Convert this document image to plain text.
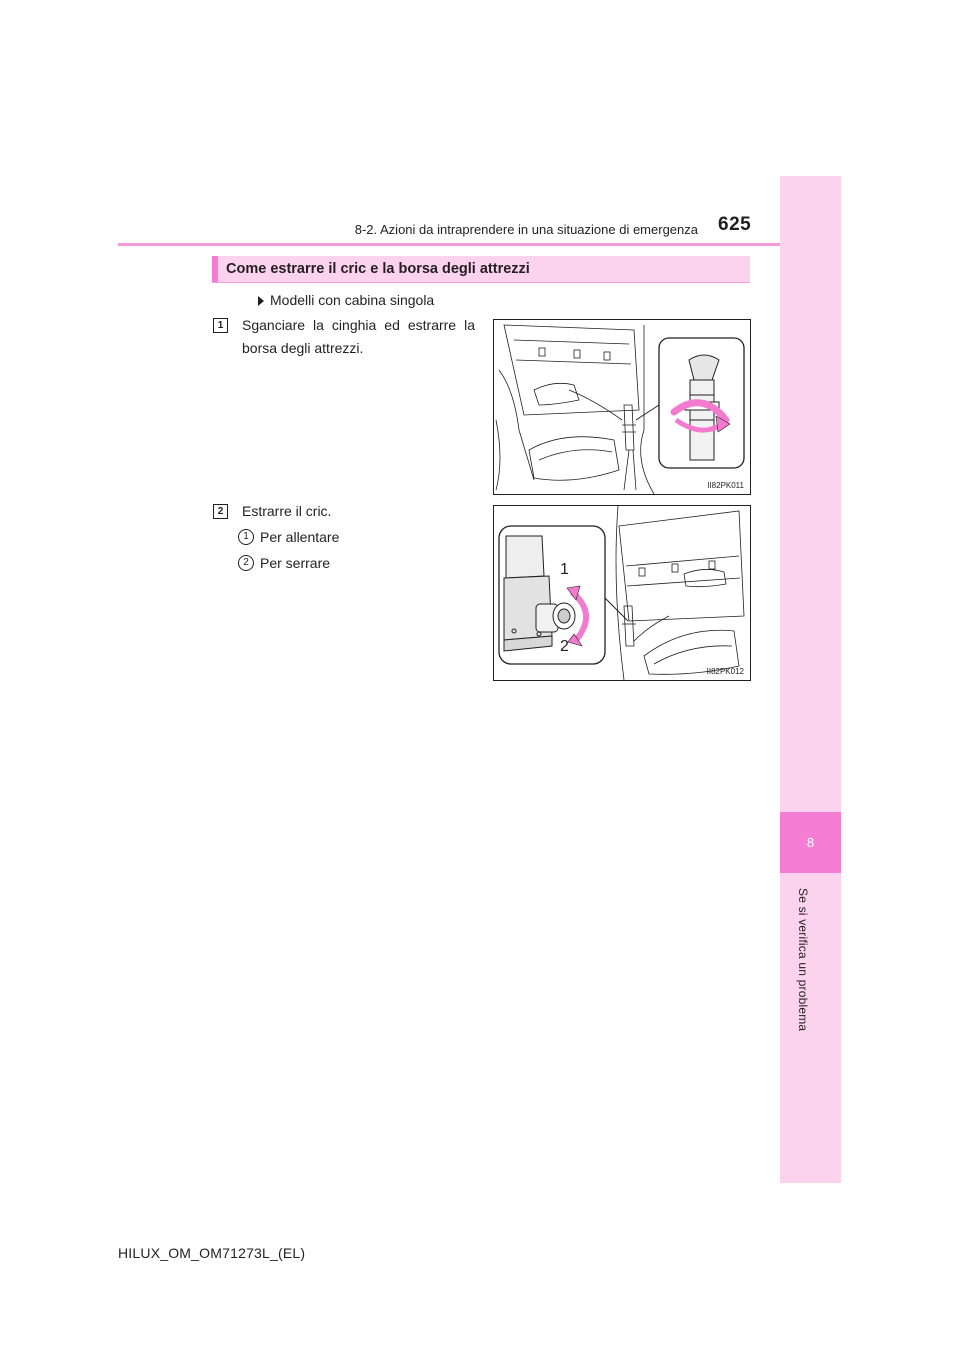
8-2. Azioni da intraprendere in una situazione di emergenza 625
8
Se si verifica un problema
Come estrarre il cric e la borsa degli attrezzi
Modelli con cabina singola
1	Sganciare la cinghia ed estrarre la
borsa degli attrezzi.
II82PK011
2	Estrarre il cric.
1 Per allentare
2 Per serrare	1
2
II82PK012
HILUX_OM_OM71273L_(EL)
